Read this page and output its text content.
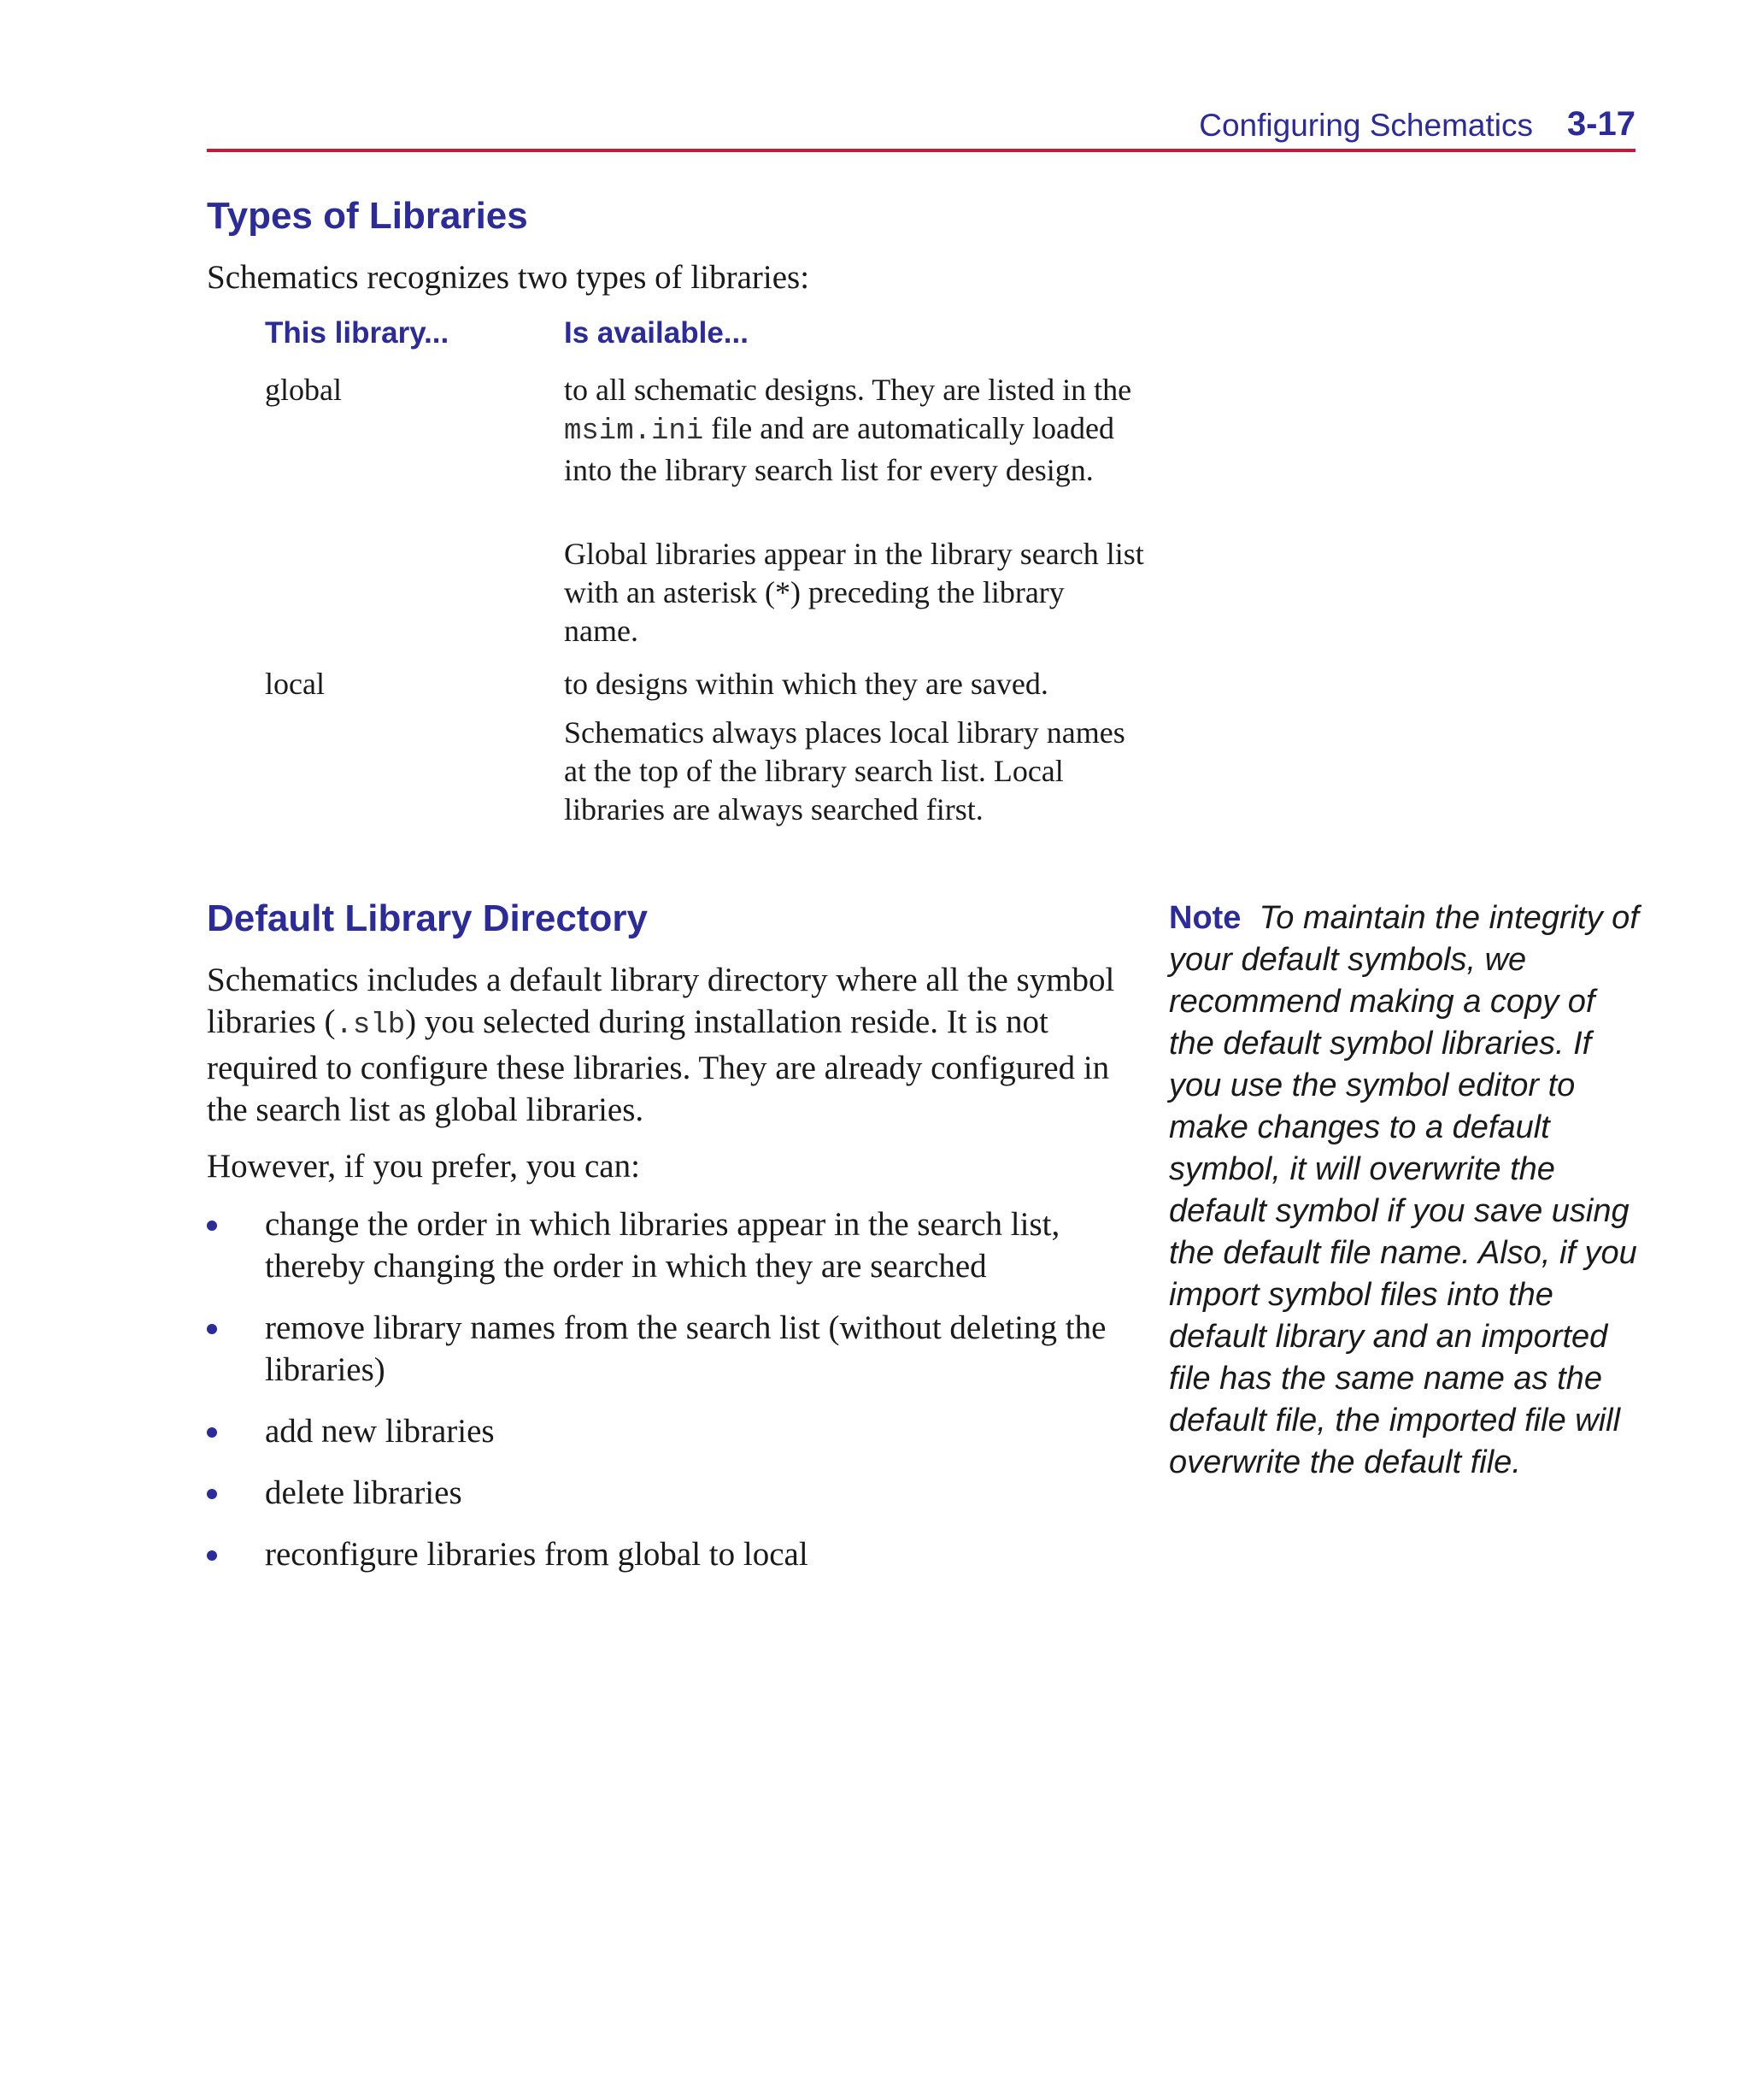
Configuring Schematics 3-17
Types of Libraries

Schematics recognizes two types of libraries:

This library...	Is available...
global	to all schematic designs. They are listed in the msim.ini file and are automatically loaded into the library search list for every design.

Global libraries appear in the library search list with an asterisk (*) preceding the library name.

local	to designs within which they are saved.

Schematics always places local library names at the top of the library search list. Local libraries are always searched first.

Default Library Directory

Schematics includes a default library directory where all the symbol libraries (.slb) you selected during installation reside. It is not required to configure these libraries. They are already configured in the search list as global libraries.

However, if you prefer, you can:

change the order in which libraries appear in the search list, thereby changing the order in which they are searched
remove library names from the search list (without deleting the libraries)
add new libraries
delete libraries
reconfigure libraries from global to local

Note To maintain the integrity of your default symbols, we recommend making a copy of the default symbol libraries. If you use the symbol editor to make changes to a default symbol, it will overwrite the default symbol if you save using the default file name. Also, if you import symbol files into the default library and an imported file has the same name as the default file, the imported file will overwrite the default file.
